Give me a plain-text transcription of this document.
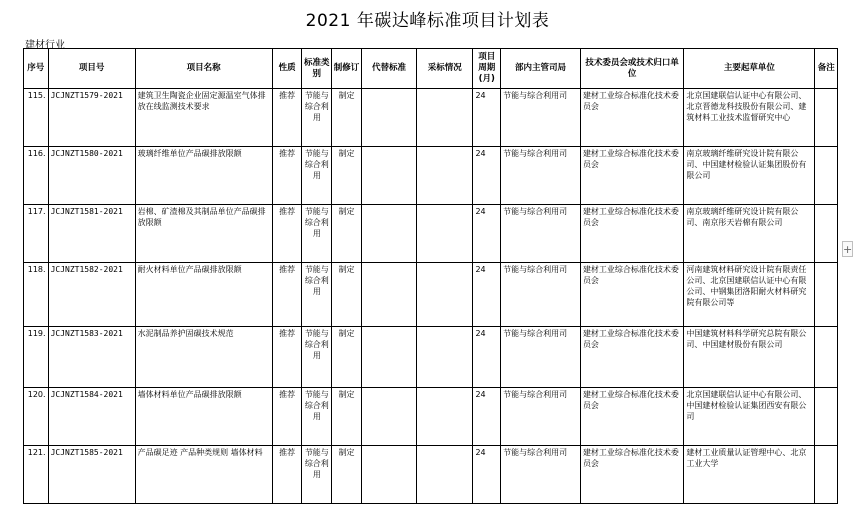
2021 年碳达峰标准项目计划表
建材行业
+
序号	项目号	项目名称	性质	标准类别	制修订	代替标准	采标情况	项目周期(月)	部内主管司局	技术委员会或技术归口单位	主要起草单位	备注
115.	JCJNZT1579-2021	建筑卫生陶瓷企业固定源温室气体排放在线监测技术要求	推荐	节能与综合利用	制定			24	节能与综合利用司	建材工业综合标准化技术委员会	北京国建联信认证中心有限公司、北京晋德龙科技股份有限公司、建筑材料工业技术监督研究中心	
116.	JCJNZT1580-2021	玻璃纤维单位产品碳排放限额	推荐	节能与综合利用	制定			24	节能与综合利用司	建材工业综合标准化技术委员会	南京玻璃纤维研究设计院有限公司、中国建材检验认证集团股份有限公司	
117.	JCJNZT1581-2021	岩棉、矿渣棉及其制品单位产品碳排放限额	推荐	节能与综合利用	制定			24	节能与综合利用司	建材工业综合标准化技术委员会	南京玻璃纤维研究设计院有限公司、南京彤天岩棉有限公司	
118.	JCJNZT1582-2021	耐火材料单位产品碳排放限额	推荐	节能与综合利用	制定			24	节能与综合利用司	建材工业综合标准化技术委员会	河南建筑材料研究设计院有限责任公司、北京国建联信认证中心有限公司、中钢集团洛阳耐火材料研究院有限公司等	
119.	JCJNZT1583-2021	水泥制品养护固碳技术规范	推荐	节能与综合利用	制定			24	节能与综合利用司	建材工业综合标准化技术委员会	中国建筑材料科学研究总院有限公司、中国建材股份有限公司	
120.	JCJNZT1584-2021	墙体材料单位产品碳排放限额	推荐	节能与综合利用	制定			24	节能与综合利用司	建材工业综合标准化技术委员会	北京国建联信认证中心有限公司、中国建材检验认证集团西安有限公司	
121.	JCJNZT1585-2021	产品碳足迹 产品种类规则 墙体材料	推荐	节能与综合利用	制定			24	节能与综合利用司	建材工业综合标准化技术委员会	建材工业质量认证管理中心、北京工业大学	
